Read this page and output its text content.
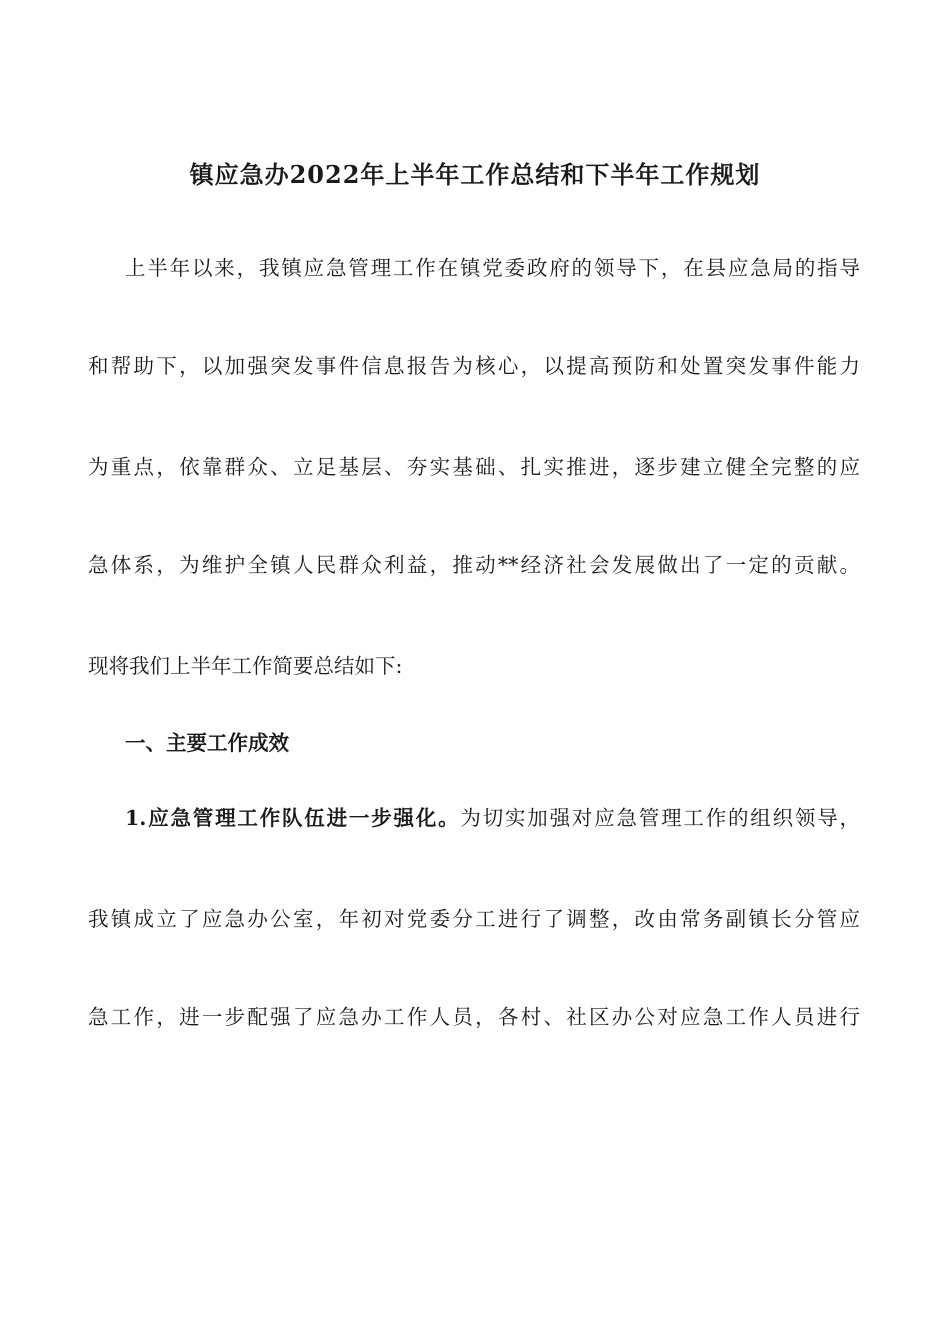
镇应急办2022年上半年工作总结和下半年工作规划

上半年以来，我镇应急管理工作在镇党委政府的领导下，在县应急局的指导

和帮助下，以加强突发事件信息报告为核心，以提高预防和处置突发事件能力

为重点，依靠群众、立足基层、夯实基础、扎实推进，逐步建立健全完整的应

急体系，为维护全镇人民群众利益，推动**经济社会发展做出了一定的贡献。

现将我们上半年工作简要总结如下:

一、主要工作成效

1.应急管理工作队伍进一步强化。为切实加强对应急管理工作的组织领导，

我镇成立了应急办公室，年初对党委分工进行了调整，改由常务副镇长分管应

急工作，进一步配强了应急办工作人员，各村、社区办公对应急工作人员进行
